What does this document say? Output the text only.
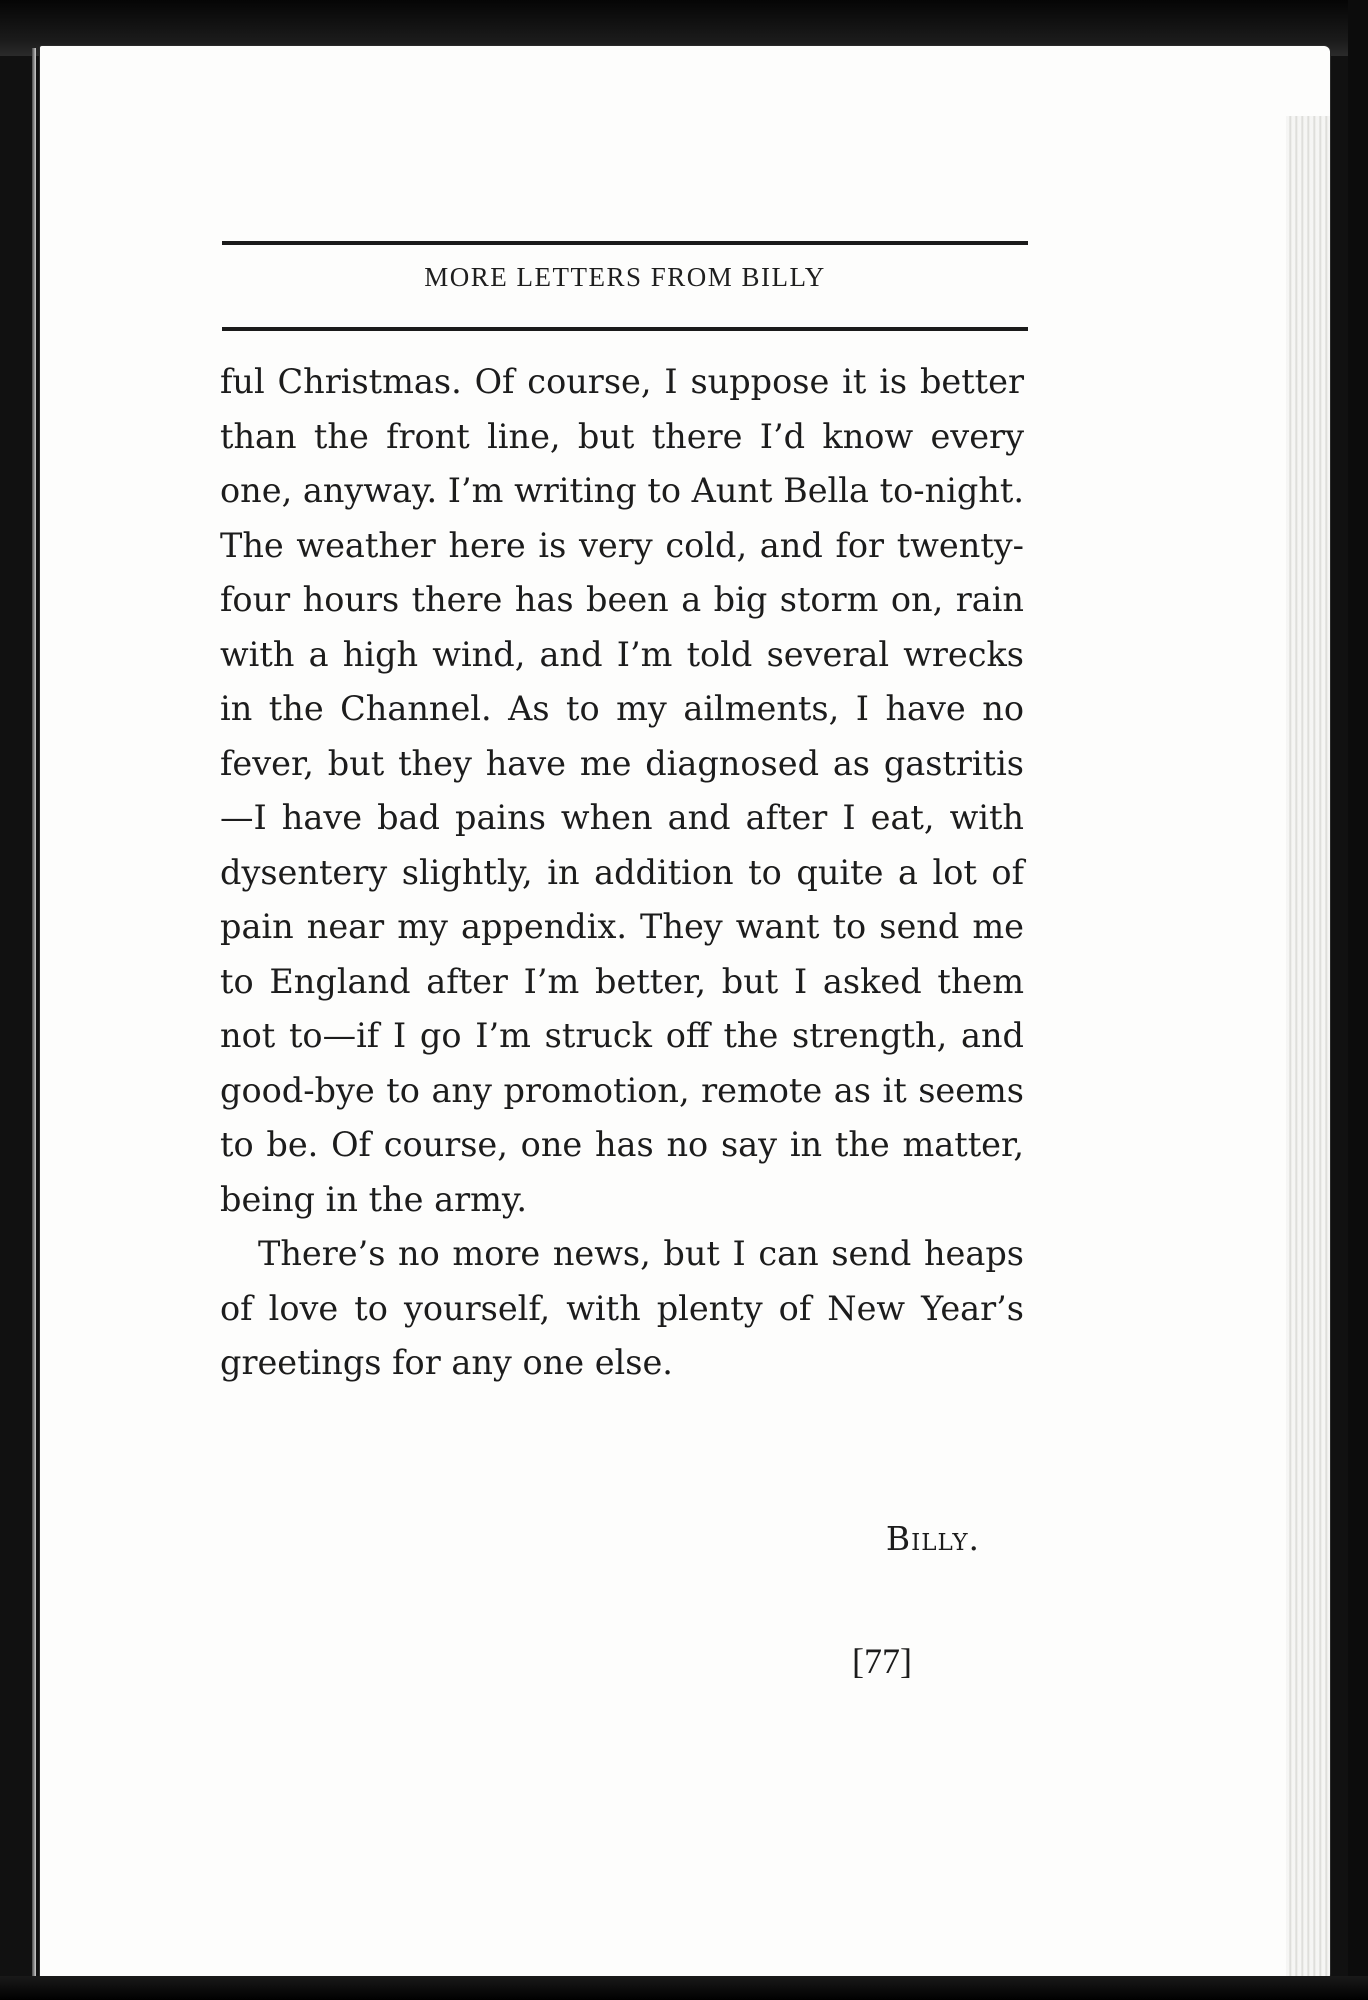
MORE LETTERS FROM BILLY

ful Christmas. Of course, I suppose it is better than the front line, but there I’d know every one, anyway. I’m writing to Aunt Bella to-night. The weather here is very cold, and for twenty-four hours there has been a big storm on, rain with a high wind, and I’m told several wrecks in the Channel. As to my ailments, I have no fever, but they have me diagnosed as gastritis—I have bad pains when and after I eat, with dysentery slightly, in addition to quite a lot of pain near my appendix. They want to send me to England after I’m better, but I asked them not to—if I go I’m struck off the strength, and good-bye to any promotion, remote as it seems to be. Of course, one has no say in the matter, being in the army.

There’s no more news, but I can send heaps of love to yourself, with plenty of New Year’s greetings for any one else.

Billy.
[77]
